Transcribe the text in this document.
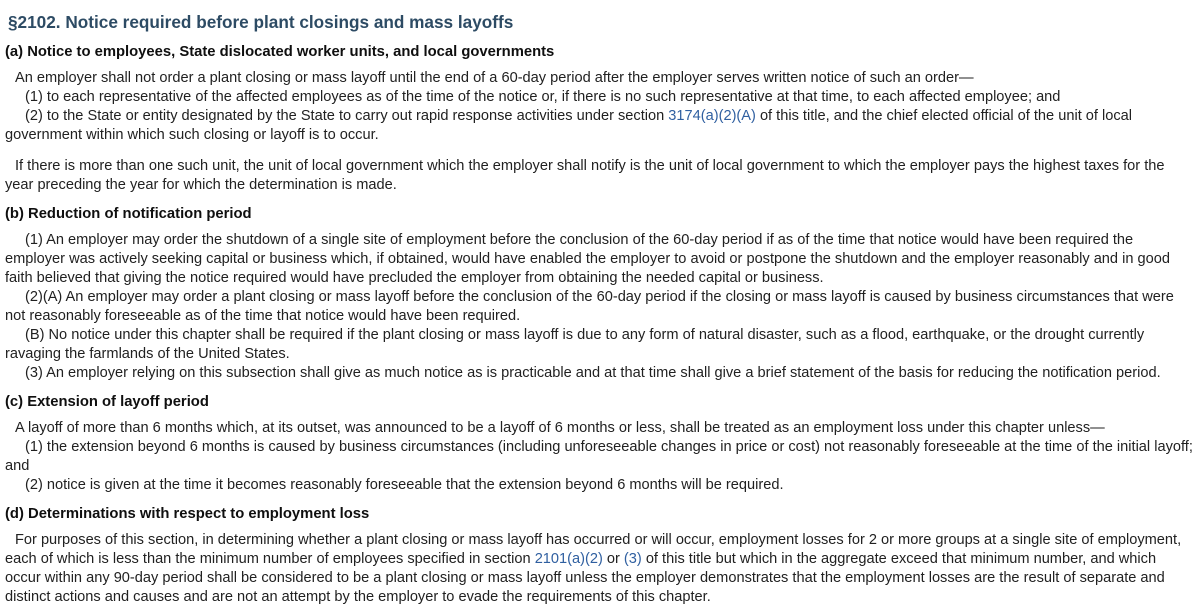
§2102. Notice required before plant closings and mass layoffs
(a) Notice to employees, State dislocated worker units, and local governments

An employer shall not order a plant closing or mass layoff until the end of a 60-day period after the employer serves written notice of such an order—

(1) to each representative of the affected employees as of the time of the notice or, if there is no such representative at that time, to each affected employee; and

(2) to the State or entity designated by the State to carry out rapid response activities under section 3174(a)(2)(A) of this title, and the chief elected official of the unit of local government within which such closing or layoff is to occur.

If there is more than one such unit, the unit of local government which the employer shall notify is the unit of local government to which the employer pays the highest taxes for the year preceding the year for which the determination is made.

(b) Reduction of notification period

(1) An employer may order the shutdown of a single site of employment before the conclusion of the 60-day period if as of the time that notice would have been required the employer was actively seeking capital or business which, if obtained, would have enabled the employer to avoid or postpone the shutdown and the employer reasonably and in good faith believed that giving the notice required would have precluded the employer from obtaining the needed capital or business.

(2)(A) An employer may order a plant closing or mass layoff before the conclusion of the 60-day period if the closing or mass layoff is caused by business circumstances that were not reasonably foreseeable as of the time that notice would have been required.

(B) No notice under this chapter shall be required if the plant closing or mass layoff is due to any form of natural disaster, such as a flood, earthquake, or the drought currently ravaging the farmlands of the United States.

(3) An employer relying on this subsection shall give as much notice as is practicable and at that time shall give a brief statement of the basis for reducing the notification period.

(c) Extension of layoff period

A layoff of more than 6 months which, at its outset, was announced to be a layoff of 6 months or less, shall be treated as an employment loss under this chapter unless—

(1) the extension beyond 6 months is caused by business circumstances (including unforeseeable changes in price or cost) not reasonably foreseeable at the time of the initial layoff; and

(2) notice is given at the time it becomes reasonably foreseeable that the extension beyond 6 months will be required.

(d) Determinations with respect to employment loss

For purposes of this section, in determining whether a plant closing or mass layoff has occurred or will occur, employment losses for 2 or more groups at a single site of employment, each of which is less than the minimum number of employees specified in section 2101(a)(2) or (3) of this title but which in the aggregate exceed that minimum number, and which occur within any 90-day period shall be considered to be a plant closing or mass layoff unless the employer demonstrates that the employment losses are the result of separate and distinct actions and causes and are not an attempt by the employer to evade the requirements of this chapter.
